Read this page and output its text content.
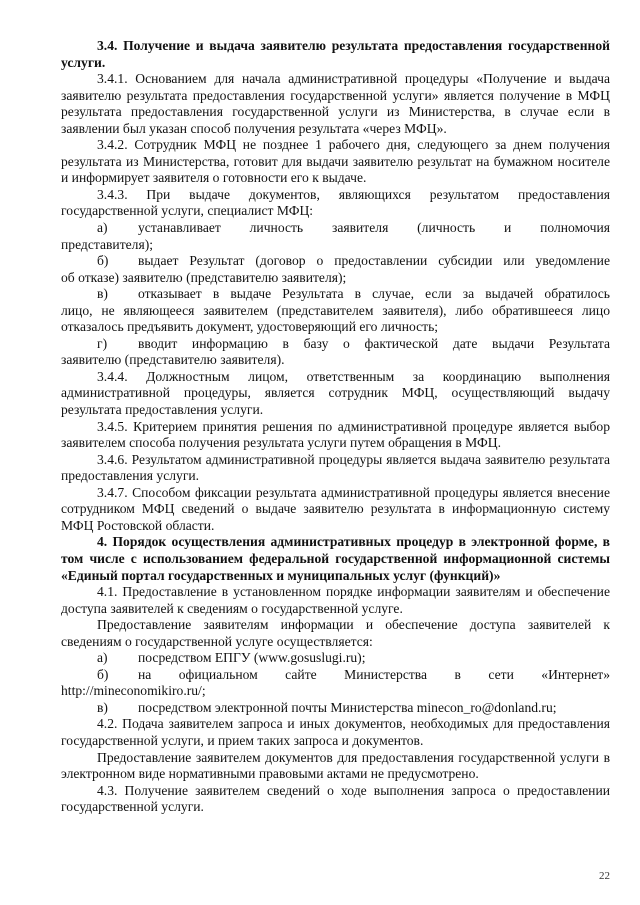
3.4. Получение и выдача заявителю результата предоставления государственной услуги.

3.4.1. Основанием для начала административной процедуры «Получение и выдача заявителю результата предоставления государственной услуги» является получение в МФЦ результата предоставления государственной услуги из Министерства, в случае если в заявлении был указан способ получения результата «через МФЦ».

3.4.2. Сотрудник МФЦ не позднее 1 рабочего дня, следующего за днем получения результата из Министерства, готовит для выдачи заявителю результат на бумажном носителе и информирует заявителя о готовности его к выдаче.

3.4.3. При выдаче документов, являющихся результатом предоставления государственной услуги, специалист МФЦ:

а)	устанавливает личность заявителя (личность и полномочия

представителя);

б)	выдает Результат (договор о предоставлении субсидии или уведомление

об отказе) заявителю (представителю заявителя);

в)	отказывает в выдаче Результата в случае, если за выдачей обратилось

лицо, не являющееся заявителем (представителем заявителя), либо обратившееся лицо отказалось предъявить документ, удостоверяющий его личность;

г)	вводит информацию в базу о фактической дате выдачи Результата

заявителю (представителю заявителя).

3.4.4. Должностным лицом, ответственным за координацию выполнения административной процедуры, является сотрудник МФЦ, осуществляющий выдачу результата предоставления услуги.

3.4.5. Критерием принятия решения по административной процедуре является выбор заявителем способа получения результата услуги путем обращения в МФЦ.

3.4.6. Результатом административной процедуры является выдача заявителю результата предоставления услуги.

3.4.7. Способом фиксации результата административной процедуры является внесение сотрудником МФЦ сведений о выдаче заявителю результата в информационную систему МФЦ Ростовской области.

4. Порядок осуществления административных процедур в электронной форме, в том числе с использованием федеральной государственной информационной системы «Единый портал государственных и муниципальных услуг (функций)»

4.1. Предоставление в установленном порядке информации заявителям и обеспечение доступа заявителей к сведениям о государственной услуге.

Предоставление заявителям информации и обеспечение доступа заявителей к сведениям о государственной услуге осуществляется:

а)	посредством ЕПГУ (www.gosuslugi.ru);
б)	на официальном сайте Министерства в сети «Интернет»

http://mineconomikiro.ru/;

в)	посредством электронной почты Министерства minecon_ro@donland.ru;

4.2. Подача заявителем запроса и иных документов, необходимых для предоставления государственной услуги, и прием таких запроса и документов.

Предоставление заявителем документов для предоставления государственной услуги в электронном виде нормативными правовыми актами не предусмотрено.

4.3. Получение заявителем сведений о ходе выполнения запроса о предоставлении государственной услуги.

22
